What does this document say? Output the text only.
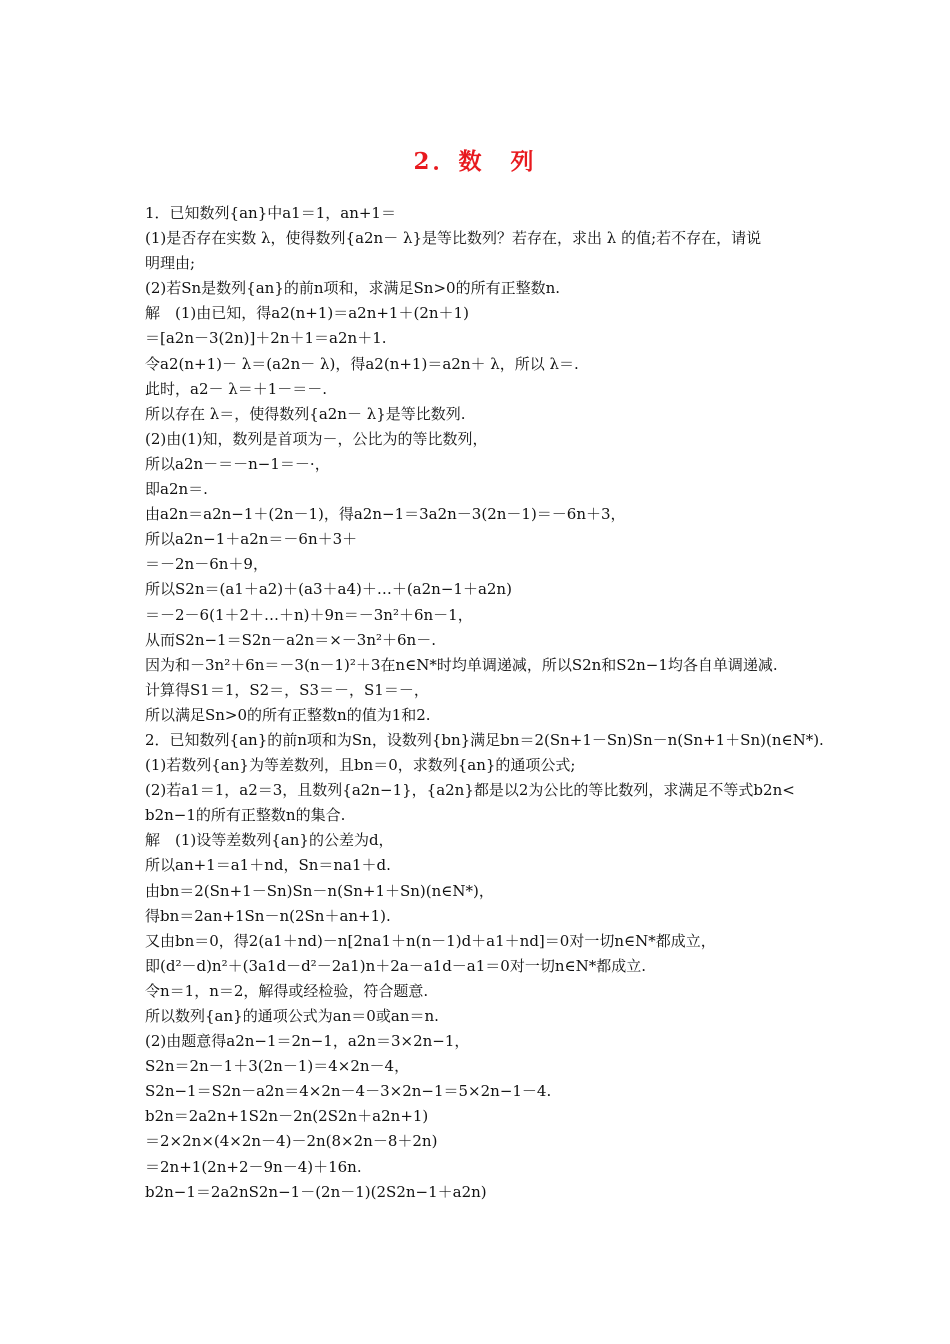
2．数　列
1．已知数列{an}中a1＝1，an+1＝
(1)是否存在实数 λ，使得数列{a2n－ λ}是等比数列？若存在，求出 λ 的值;若不存在，请说
明理由;
(2)若Sn是数列{an}的前n项和，求满足Sn>0的所有正整数n.
解　(1)由已知，得a2(n+1)＝a2n+1＋(2n＋1)
＝[a2n－3(2n)]＋2n＋1＝a2n＋1.
令a2(n+1)－ λ＝(a2n－ λ)，得a2(n+1)＝a2n＋ λ，所以 λ＝.
此时，a2－ λ＝＋1－＝－.
所以存在 λ＝，使得数列{a2n－ λ}是等比数列.
(2)由(1)知，数列是首项为－，公比为的等比数列，
所以a2n－＝－n−1＝－·，
即a2n＝.
由a2n＝a2n−1＋(2n－1)，得a2n−1＝3a2n－3(2n－1)＝－6n＋3，
所以a2n−1＋a2n＝－6n＋3＋
＝－2n－6n＋9，
所以S2n＝(a1＋a2)＋(a3＋a4)＋…＋(a2n−1＋a2n)
＝－2－6(1＋2＋…＋n)＋9n＝－3n²＋6n－1，
从而S2n−1＝S2n－a2n＝×－3n²＋6n－.
因为和－3n²＋6n＝－3(n－1)²＋3在n∈N*时均单调递减，所以S2n和S2n−1均各自单调递减.
计算得S1＝1，S2＝，S3＝－，S1＝－，
所以满足Sn>0的所有正整数n的值为1和2.
2．已知数列{an}的前n项和为Sn，设数列{bn}满足bn＝2(Sn+1－Sn)Sn－n(Sn+1＋Sn)(n∈N*).
(1)若数列{an}为等差数列，且bn＝0，求数列{an}的通项公式;
(2)若a1＝1，a2＝3，且数列{a2n−1}，{a2n}都是以2为公比的等比数列，求满足不等式b2n<
b2n−1的所有正整数n的集合.
解　(1)设等差数列{an}的公差为d，
所以an+1＝a1＋nd，Sn＝na1＋d.
由bn＝2(Sn+1－Sn)Sn－n(Sn+1＋Sn)(n∈N*)，
得bn＝2an+1Sn－n(2Sn＋an+1).
又由bn＝0，得2(a1＋nd)－n[2na1＋n(n－1)d＋a1＋nd]＝0对一切n∈N*都成立，
即(d²－d)n²＋(3a1d－d²－2a1)n＋2a－a1d－a1＝0对一切n∈N*都成立.
令n＝1，n＝2，解得或经检验，符合题意.
所以数列{an}的通项公式为an＝0或an＝n.
(2)由题意得a2n−1＝2n−1，a2n＝3×2n−1，
S2n＝2n－1＋3(2n－1)＝4×2n－4，
S2n−1＝S2n－a2n＝4×2n－4－3×2n−1＝5×2n−1－4.
b2n＝2a2n+1S2n－2n(2S2n＋a2n+1)
＝2×2n×(4×2n－4)－2n(8×2n－8＋2n)
＝2n+1(2n+2－9n－4)＋16n.
b2n−1＝2a2nS2n−1－(2n－1)(2S2n−1＋a2n)
